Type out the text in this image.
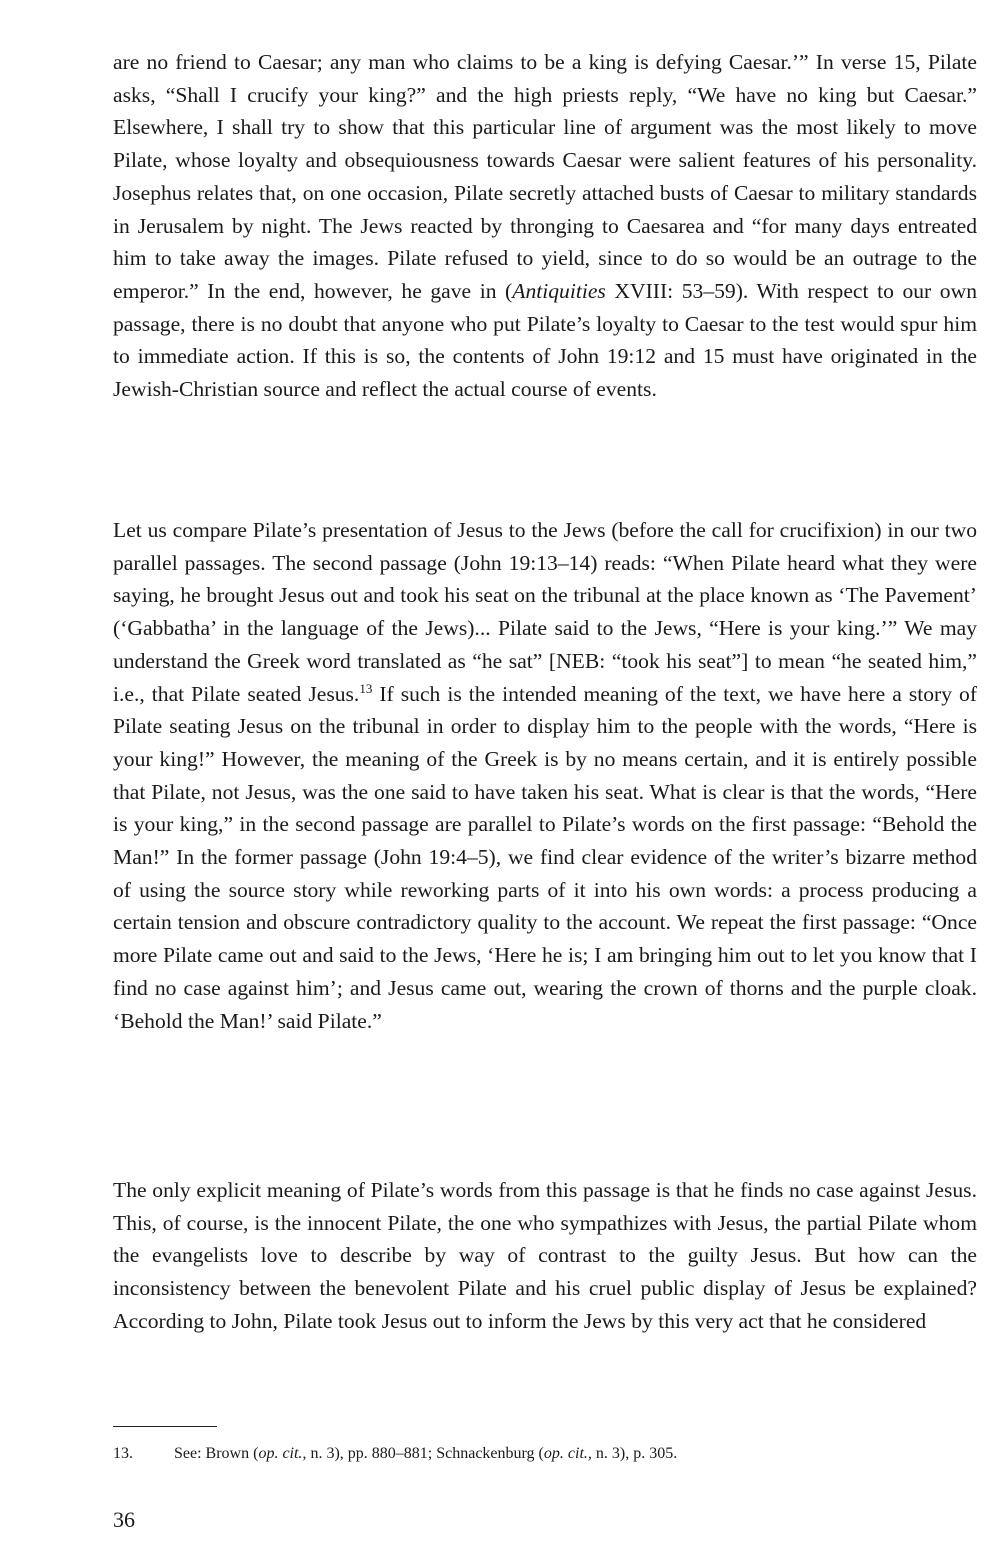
are no friend to Caesar; any man who claims to be a king is defying Caesar.’” In verse 15, Pilate asks, “Shall I crucify your king?” and the high priests reply, “We have no king but Caesar.” Elsewhere, I shall try to show that this particular line of argument was the most likely to move Pilate, whose loyalty and obsequiousness towards Caesar were salient features of his personality. Josephus relates that, on one occasion, Pilate secretly attached busts of Caesar to military standards in Jerusalem by night. The Jews reacted by thronging to Caesarea and “for many days entreated him to take away the images. Pilate refused to yield, since to do so would be an outrage to the emperor.” In the end, however, he gave in (Antiquities XVIII: 53–59). With respect to our own passage, there is no doubt that anyone who put Pilate’s loyalty to Caesar to the test would spur him to immediate action. If this is so, the contents of John 19:12 and 15 must have originated in the Jewish-Christian source and reflect the actual course of events.

Let us compare Pilate’s presentation of Jesus to the Jews (before the call for crucifixion) in our two parallel passages. The second passage (John 19:13–14) reads: “When Pilate heard what they were saying, he brought Jesus out and took his seat on the tribunal at the place known as ‘The Pavement’ (‘Gabbatha’ in the language of the Jews)... Pilate said to the Jews, “Here is your king.’” We may understand the Greek word translated as “he sat” [NEB: “took his seat”] to mean “he seated him,” i.e., that Pilate seated Jesus.$^{13}$ If such is the intended meaning of the text, we have here a story of Pilate seating Jesus on the tribunal in order to display him to the people with the words, “Here is your king!” However, the meaning of the Greek is by no means certain, and it is entirely possible that Pilate, not Jesus, was the one said to have taken his seat. What is clear is that the words, “Here is your king,” in the second passage are parallel to Pilate’s words on the first passage: “Behold the Man!” In the former passage (John 19:4–5), we find clear evidence of the writer’s bizarre method of using the source story while reworking parts of it into his own words: a process producing a certain tension and obscure contradictory quality to the account. We repeat the first passage: “Once more Pilate came out and said to the Jews, ‘Here he is; I am bringing him out to let you know that I find no case against him’; and Jesus came out, wearing the crown of thorns and the purple cloak. ‘Behold the Man!’ said Pilate.”

The only explicit meaning of Pilate’s words from this passage is that he finds no case against Jesus. This, of course, is the innocent Pilate, the one who sympathizes with Jesus, the partial Pilate whom the evangelists love to describe by way of contrast to the guilty Jesus. But how can the inconsistency between the benevolent Pilate and his cruel public display of Jesus be explained? According to John, Pilate took Jesus out to inform the Jews by this very act that he considered

13.	See: Brown (op. cit., n. 3), pp. 880–881; Schnackenburg (op. cit., n. 3), p. 305.
36
